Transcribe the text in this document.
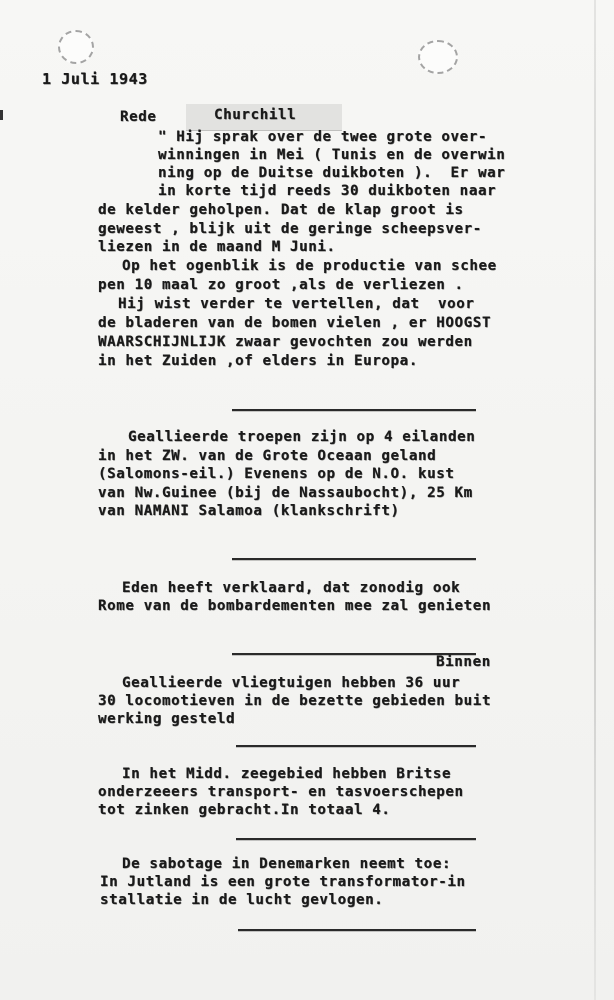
1 Juli 1943
Rede	Churchill
" Hij sprak over de twee grote over-
winningen in Mei ( Tunis en de overwin
ning op de Duitse duikboten ).  Er war
in korte tijd reeds 30 duikboten naar
de kelder geholpen. Dat de klap groot is
geweest , blijk uit de geringe scheepsver-
liezen in de maand M Juni.
Op het ogenblik is de productie van schee
pen 10 maal zo groot ,als de verliezen .
Hij wist verder te vertellen, dat  voor
de bladeren van de bomen vielen , er HOOGST
WAARSCHIJNLIJK zwaar gevochten zou werden
in het Zuiden ,of elders in Europa.
Geallieerde troepen zijn op 4 eilanden
in het ZW. van de Grote Oceaan geland
(Salomons-eil.) Evenens op de N.O. kust
van Nw.Guinee (bij de Nassaubocht), 25 Km
van NAMANI Salamoa (klankschrift)
Eden heeft verklaard, dat zonodig ook
Rome van de bombardementen mee zal genieten
Binnen
Geallieerde vliegtuigen hebben 36 uur
30 locomotieven in de bezette gebieden buit
werking gesteld
In het Midd. zeegebied hebben Britse
onderzeeers transport- en tasvoerschepen
tot zinken gebracht.In totaal 4.
De sabotage in Denemarken neemt toe:
In Jutland is een grote transformator-in
stallatie in de lucht gevlogen.
